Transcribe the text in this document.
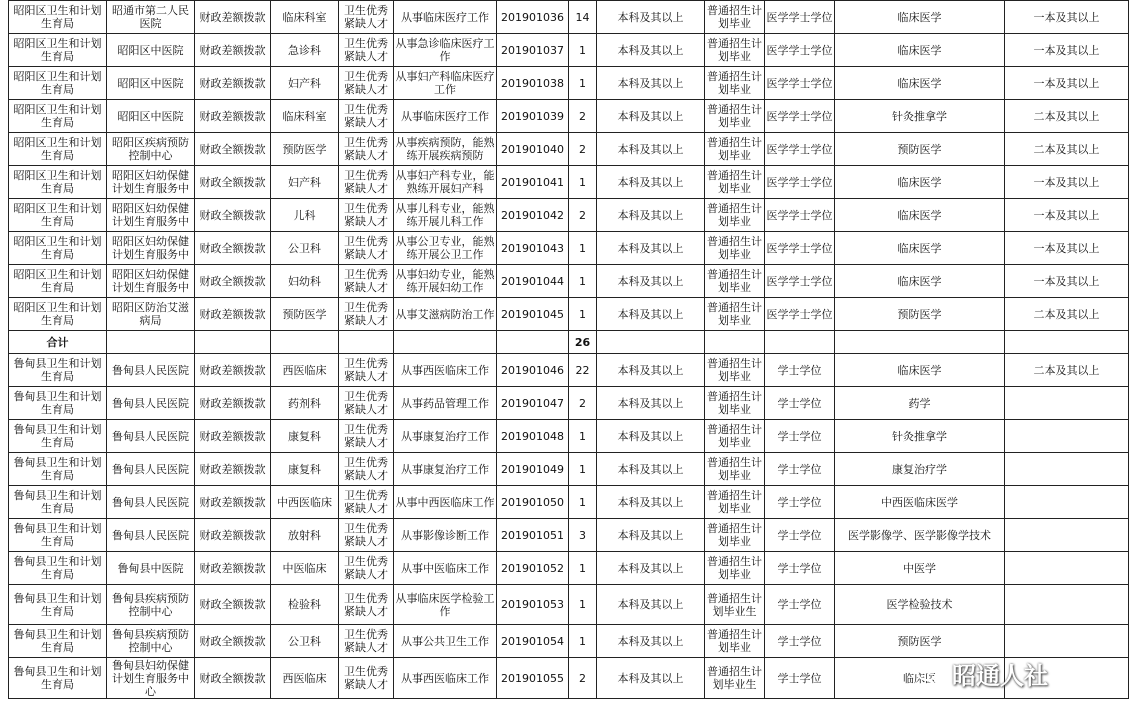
昭阳区卫生和计划生育局	昭通市第二人民医院	财政差额拨款	临床科室	卫生优秀紧缺人才	从事临床医疗工作	201901036	14	本科及其以上	普通招生计划毕业	医学学士学位	临床医学	一本及其以上
昭阳区卫生和计划生育局	昭阳区中医院	财政差额拨款	急诊科	卫生优秀紧缺人才	从事急诊临床医疗工作	201901037	1	本科及其以上	普通招生计划毕业	医学学士学位	临床医学	一本及其以上
昭阳区卫生和计划生育局	昭阳区中医院	财政差额拨款	妇产科	卫生优秀紧缺人才	从事妇产科临床医疗工作	201901038	1	本科及其以上	普通招生计划毕业	医学学士学位	临床医学	一本及其以上
昭阳区卫生和计划生育局	昭阳区中医院	财政差额拨款	临床科室	卫生优秀紧缺人才	从事临床医疗工作	201901039	2	本科及其以上	普通招生计划毕业	医学学士学位	针灸推拿学	二本及其以上
昭阳区卫生和计划生育局	昭阳区疾病预防控制中心	财政全额拨款	预防医学	卫生优秀紧缺人才	从事疾病预防，能熟练开展疾病预防	201901040	2	本科及其以上	普通招生计划毕业	医学学士学位	预防医学	二本及其以上
昭阳区卫生和计划生育局	昭阳区妇幼保健计划生育服务中	财政全额拨款	妇产科	卫生优秀紧缺人才	从事妇产科专业，能熟练开展妇产科	201901041	1	本科及其以上	普通招生计划毕业	医学学士学位	临床医学	一本及其以上
昭阳区卫生和计划生育局	昭阳区妇幼保健计划生育服务中	财政全额拨款	儿科	卫生优秀紧缺人才	从事儿科专业，能熟练开展儿科工作	201901042	2	本科及其以上	普通招生计划毕业	医学学士学位	临床医学	一本及其以上
昭阳区卫生和计划生育局	昭阳区妇幼保健计划生育服务中	财政全额拨款	公卫科	卫生优秀紧缺人才	从事公卫专业，能熟练开展公卫工作	201901043	1	本科及其以上	普通招生计划毕业	医学学士学位	临床医学	一本及其以上
昭阳区卫生和计划生育局	昭阳区妇幼保健计划生育服务中	财政全额拨款	妇幼科	卫生优秀紧缺人才	从事妇幼专业，能熟练开展妇幼工作	201901044	1	本科及其以上	普通招生计划毕业	医学学士学位	临床医学	一本及其以上
昭阳区卫生和计划生育局	昭阳区防治艾滋病局	财政差额拨款	预防医学	卫生优秀紧缺人才	从事艾滋病防治工作	201901045	1	本科及其以上	普通招生计划毕业	医学学士学位	预防医学	二本及其以上
合计							26					
鲁甸县卫生和计划生育局	鲁甸县人民医院	财政差额拨款	西医临床	卫生优秀紧缺人才	从事西医临床工作	201901046	22	本科及其以上	普通招生计划毕业	学士学位	临床医学	二本及其以上
鲁甸县卫生和计划生育局	鲁甸县人民医院	财政差额拨款	药剂科	卫生优秀紧缺人才	从事药品管理工作	201901047	2	本科及其以上	普通招生计划毕业	学士学位	药学	
鲁甸县卫生和计划生育局	鲁甸县人民医院	财政差额拨款	康复科	卫生优秀紧缺人才	从事康复治疗工作	201901048	1	本科及其以上	普通招生计划毕业	学士学位	针灸推拿学	
鲁甸县卫生和计划生育局	鲁甸县人民医院	财政差额拨款	康复科	卫生优秀紧缺人才	从事康复治疗工作	201901049	1	本科及其以上	普通招生计划毕业	学士学位	康复治疗学	
鲁甸县卫生和计划生育局	鲁甸县人民医院	财政差额拨款	中西医临床	卫生优秀紧缺人才	从事中西医临床工作	201901050	1	本科及其以上	普通招生计划毕业	学士学位	中西医临床医学	
鲁甸县卫生和计划生育局	鲁甸县人民医院	财政差额拨款	放射科	卫生优秀紧缺人才	从事影像诊断工作	201901051	3	本科及其以上	普通招生计划毕业	学士学位	医学影像学、医学影像学技术	
鲁甸县卫生和计划生育局	鲁甸县中医院	财政差额拨款	中医临床	卫生优秀紧缺人才	从事中医临床工作	201901052	1	本科及其以上	普通招生计划毕业	学士学位	中医学	
鲁甸县卫生和计划生育局	鲁甸县疾病预防控制中心	财政全额拨款	检验科	卫生优秀紧缺人才	从事临床医学检验工作	201901053	1	本科及其以上	普通招生计划毕业生	学士学位	医学检验技术	
鲁甸县卫生和计划生育局	鲁甸县疾病预防控制中心	财政全额拨款	公卫科	卫生优秀紧缺人才	从事公共卫生工作	201901054	1	本科及其以上	普通招生计划毕业	学士学位	预防医学	
鲁甸县卫生和计划生育局	鲁甸县妇幼保健计划生育服务中心	财政全额拨款	西医临床	卫生优秀紧缺人才	从事西医临床工作	201901055	2	本科及其以上	普通招生计划毕业生	学士学位	临床医	昭通人社
